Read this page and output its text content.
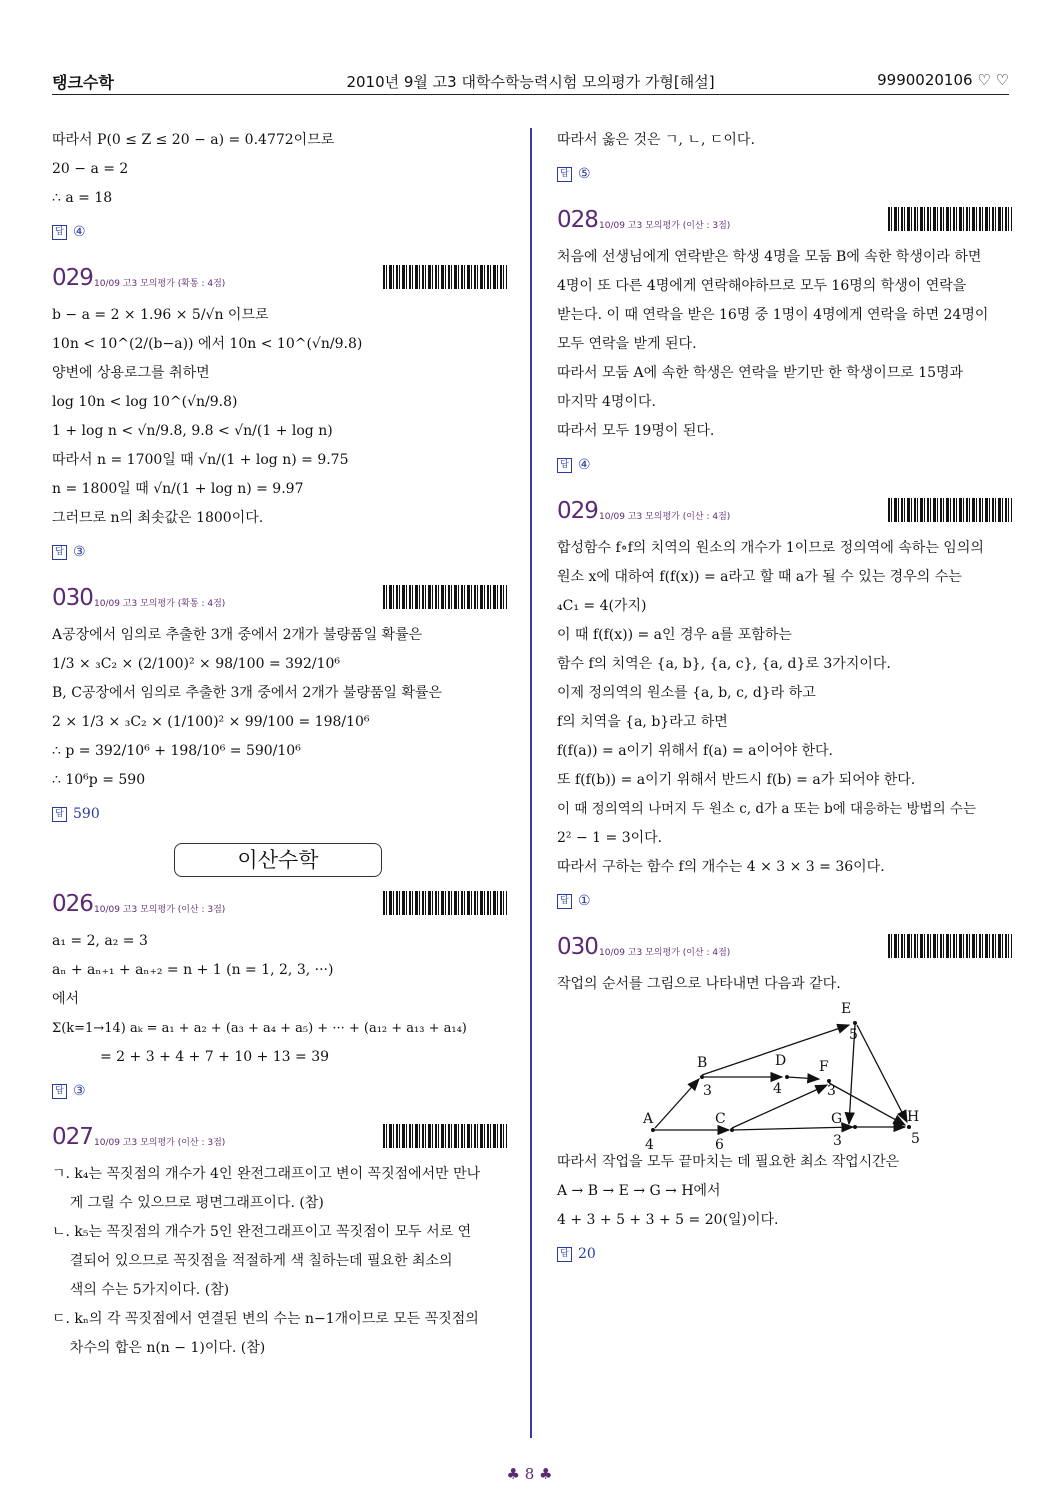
탱크수학	2010년 9월 고3 대학수학능력시험 모의평가 가형[해설]	9990020106 ♡ ♡
따라서 P(0 ≤ Z ≤ 20 − a) = 0.4772이므로
20 − a = 2
∴ a = 18
답 ④
029 10/09 고3 모의평가 (확통 : 4점)
b − a = 2 × 1.96 × 5/√n 이므로
10n < 10^(2/(b−a)) 에서 10n < 10^(√n/9.8)
양변에 상용로그를 취하면
log 10n < log 10^(√n/9.8)
1 + log n < √n/9.8, 9.8 < √n/(1 + log n)
따라서 n = 1700일 때 √n/(1 + log n) = 9.75
n = 1800일 때 √n/(1 + log n) = 9.97
그러므로 n의 최솟값은 1800이다.
답 ③
030 10/09 고3 모의평가 (확통 : 4점)
A공장에서 임의로 추출한 3개 중에서 2개가 불량품일 확률은
1/3 × ₃C₂ × (2/100)² × 98/100 = 392/10⁶
B, C공장에서 임의로 추출한 3개 중에서 2개가 불량품일 확률은
2 × 1/3 × ₃C₂ × (1/100)² × 99/100 = 198/10⁶
∴ p = 392/10⁶ + 198/10⁶ = 590/10⁶
∴ 10⁶p = 590
답 590
이산수학
026 10/09 고3 모의평가 (이산 : 3점)
a₁ = 2, a₂ = 3
aₙ + aₙ₊₁ + aₙ₊₂ = n + 1 (n = 1, 2, 3, ···)
에서
Σ(k=1→14) aₖ = a₁ + a₂ + (a₃ + a₄ + a₅) + ··· + (a₁₂ + a₁₃ + a₁₄)
= 2 + 3 + 4 + 7 + 10 + 13 = 39
답 ③
027 10/09 고3 모의평가 (이산 : 3점)
ㄱ. k₄는 꼭짓점의 개수가 4인 완전그래프이고 변이 꼭짓점에서만 만나
게 그릴 수 있으므로 평면그래프이다. (참)
ㄴ. k₅는 꼭짓점의 개수가 5인 완전그래프이고 꼭짓점이 모두 서로 연
결되어 있으므로 꼭짓점을 적절하게 색 칠하는데 필요한 최소의
색의 수는 5가지이다. (참)
ㄷ. kₙ의 각 꼭짓점에서 연결된 변의 수는 n−1개이므로 모든 꼭짓점의
차수의 합은 n(n − 1)이다. (참)
따라서 옳은 것은 ㄱ, ㄴ, ㄷ이다.
답 ⑤
028 10/09 고3 모의평가 (이산 : 3점)
처음에 선생님에게 연락받은 학생 4명을 모둠 B에 속한 학생이라 하면
4명이 또 다른 4명에게 연락해야하므로 모두 16명의 학생이 연락을
받는다. 이 때 연락을 받은 16명 중 1명이 4명에게 연락을 하면 24명이
모두 연락을 받게 된다.
따라서 모둠 A에 속한 학생은 연락을 받기만 한 학생이므로 15명과
마지막 4명이다.
따라서 모두 19명이 된다.
답 ④
029 10/09 고3 모의평가 (이산 : 4점)
합성함수 f∘f의 치역의 원소의 개수가 1이므로 정의역에 속하는 임의의
원소 x에 대하여 f(f(x)) = a라고 할 때 a가 될 수 있는 경우의 수는
₄C₁ = 4(가지)
이 때 f(f(x)) = a인 경우 a를 포함하는
함수 f의 치역은 {a, b}, {a, c}, {a, d}로 3가지이다.
이제 정의역의 원소를 {a, b, c, d}라 하고
f의 치역을 {a, b}라고 하면
f(f(a)) = a이기 위해서 f(a) = a이어야 한다.
또 f(f(b)) = a이기 위해서 반드시 f(b) = a가 되어야 한다.
이 때 정의역의 나머지 두 원소 c, d가 a 또는 b에 대응하는 방법의 수는
2² − 1 = 3이다.
따라서 구하는 함수 f의 개수는 4 × 3 × 3 = 36이다.
답 ①
030 10/09 고3 모의평가 (이산 : 4점)
작업의 순서를 그림으로 나타내면 다음과 같다.
A
4
B
3
C
6
D
4
E
5
F
3
G
3
H
5
따라서 작업을 모두 끝마치는 데 필요한 최소 작업시간은
A → B → E → G → H에서
4 + 3 + 5 + 3 + 5 = 20(일)이다.
답 20
♣ 8 ♣
